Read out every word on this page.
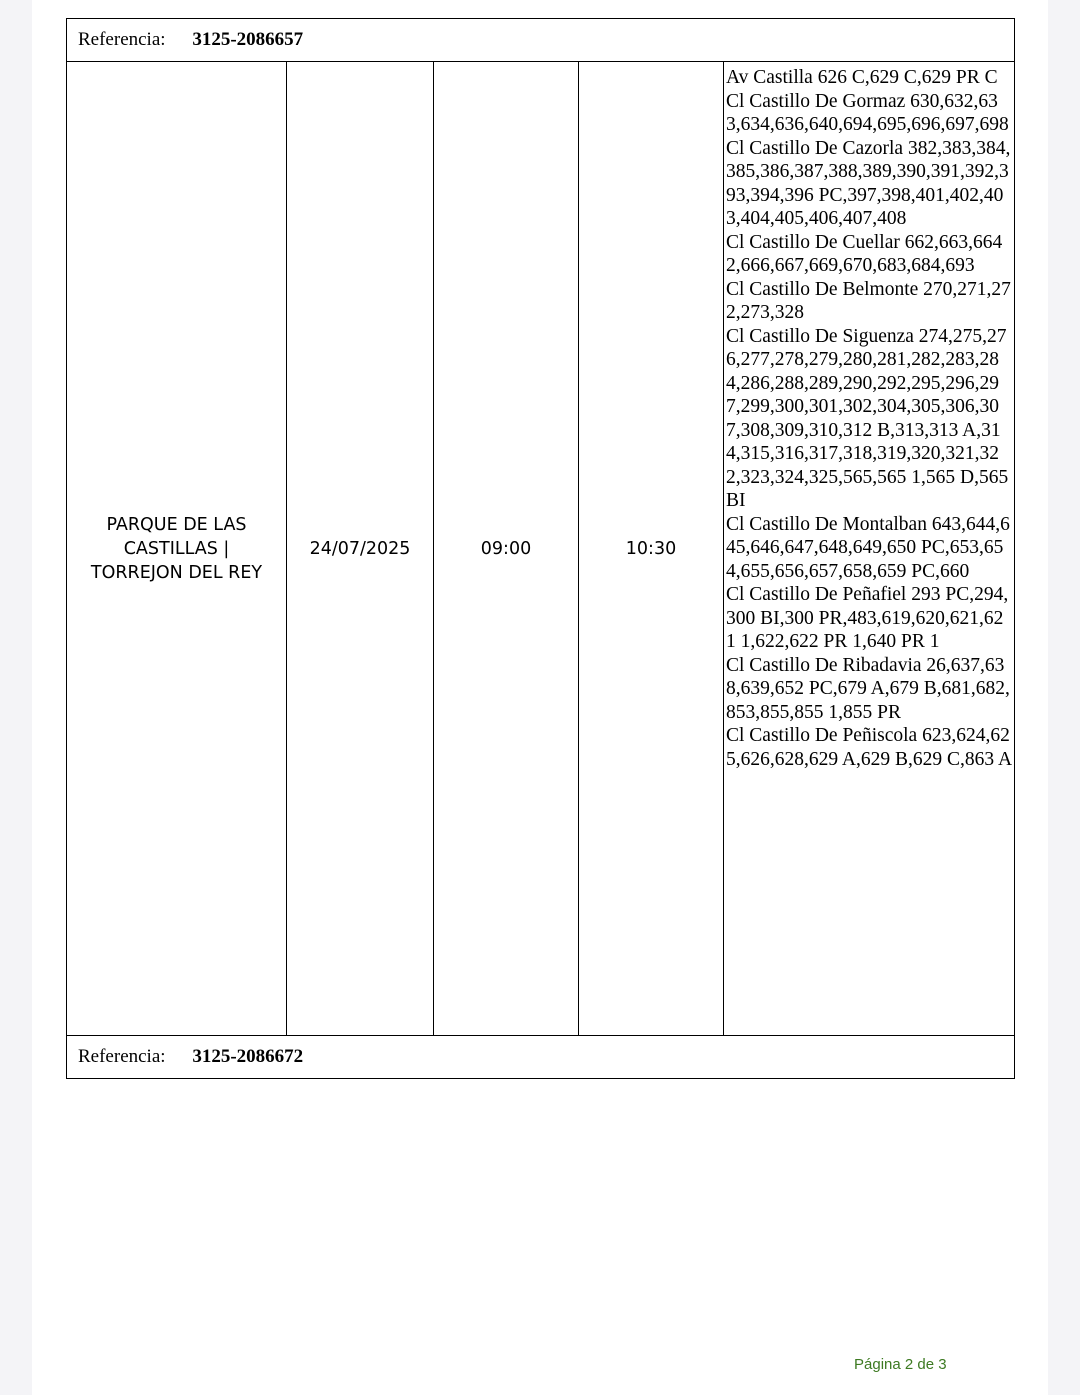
Referencia: 3125-2086657
PARQUE DE LAS
CASTILLAS |
TORREJON DEL REY	24/07/2025	09:00	10:30	
Av Castilla 626 C,629 C,629 PR C
Cl Castillo De Gormaz 630,632,633,634,636,640,694,695,696,697,698
Cl Castillo De Cazorla 382,383,384,385,386,387,388,389,390,391,392,393,394,396 PC,397,398,401,402,403,404,405,406,407,408
Cl Castillo De Cuellar 662,663,664 2,666,667,669,670,683,684,693
Cl Castillo De Belmonte 270,271,272,273,328
Cl Castillo De Siguenza 274,275,276,277,278,279,280,281,282,283,284,286,288,289,290,292,295,296,297,299,300,301,302,304,305,306,307,308,309,310,312 B,313,313 A,314,315,316,317,318,319,320,321,322,323,324,325,565,565 1,565 D,565 BI
Cl Castillo De Montalban 643,644,645,646,647,648,649,650 PC,653,654,655,656,657,658,659 PC,660
Cl Castillo De Peñafiel 293 PC,294,300 BI,300 PR,483,619,620,621,621 1,622,622 PR 1,640 PR 1
Cl Castillo De Ribadavia 26,637,638,639,652 PC,679 A,679 B,681,682,853,855,855 1,855 PR
Cl Castillo De Peñiscola 623,624,625,626,628,629 A,629 B,629 C,863 A

Referencia: 3125-2086672
Página 2 de 3
